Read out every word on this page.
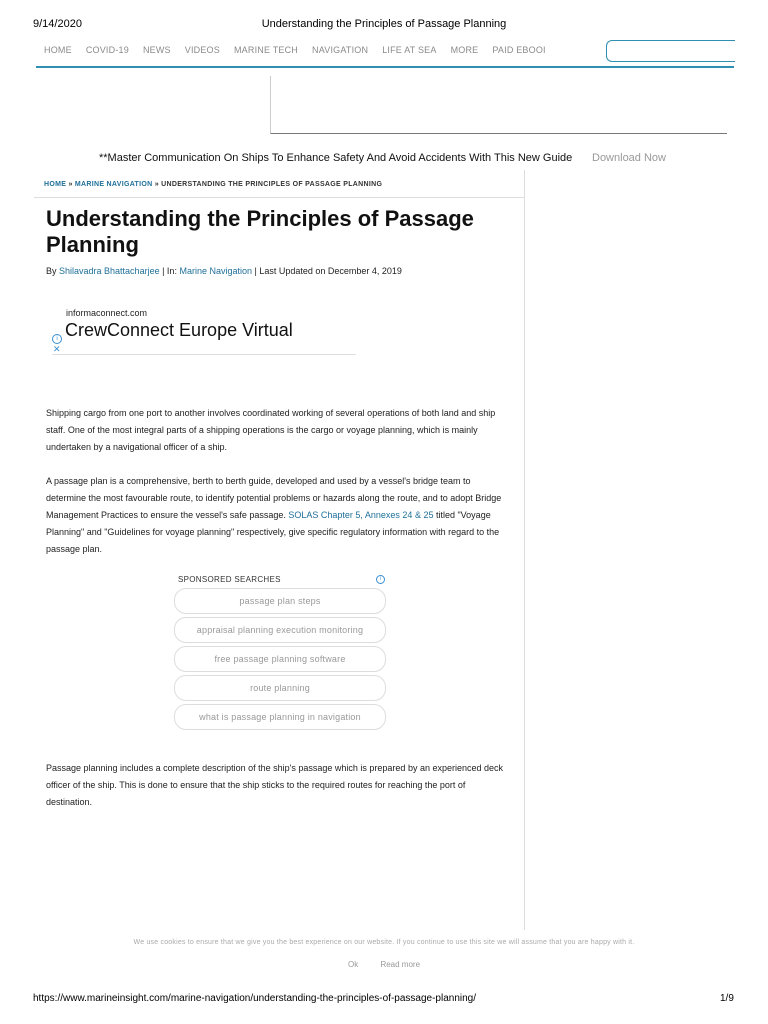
9/14/2020	Understanding the Principles of Passage Planning
HOME COVID-19 NEWS VIDEOS MARINE TECH NAVIGATION LIFE AT SEA MORE PAID EBOOI
**Master Communication On Ships To Enhance Safety And Avoid Accidents With This New Guide Download Now
HOME » MARINE NAVIGATION » UNDERSTANDING THE PRINCIPLES OF PASSAGE PLANNING
Understanding the Principles of Passage Planning
By Shilavadra Bhattacharjee | In: Marine Navigation | Last Updated on December 4, 2019
informaconnect.com
CrewConnect Europe Virtual
i
✕

Shipping cargo from one port to another involves coordinated working of several operations of both land and ship staff. One of the most integral parts of a shipping operations is the cargo or voyage planning, which is mainly undertaken by a navigational officer of a ship.

A passage plan is a comprehensive, berth to berth guide, developed and used by a vessel's bridge team to determine the most favourable route, to identify potential problems or hazards along the route, and to adopt Bridge Management Practices to ensure the vessel's safe passage. SOLAS Chapter 5, Annexes 24 & 25 titled "Voyage Planning" and "Guidelines for voyage planning" respectively, give specific regulatory information with regard to the passage plan.

SPONSORED SEARCHES	i
passage plan steps
appraisal planning execution monitoring
free passage planning software
route planning
what is passage planning in navigation

Passage planning includes a complete description of the ship's passage which is prepared by an experienced deck officer of the ship. This is done to ensure that the ship sticks to the required routes for reaching the port of destination.

We use cookies to ensure that we give you the best experience on our website. If you continue to use this site we will assume that you are happy with it.
Ok	Read more
https://www.marineinsight.com/marine-navigation/understanding-the-principles-of-passage-planning/	1/9
